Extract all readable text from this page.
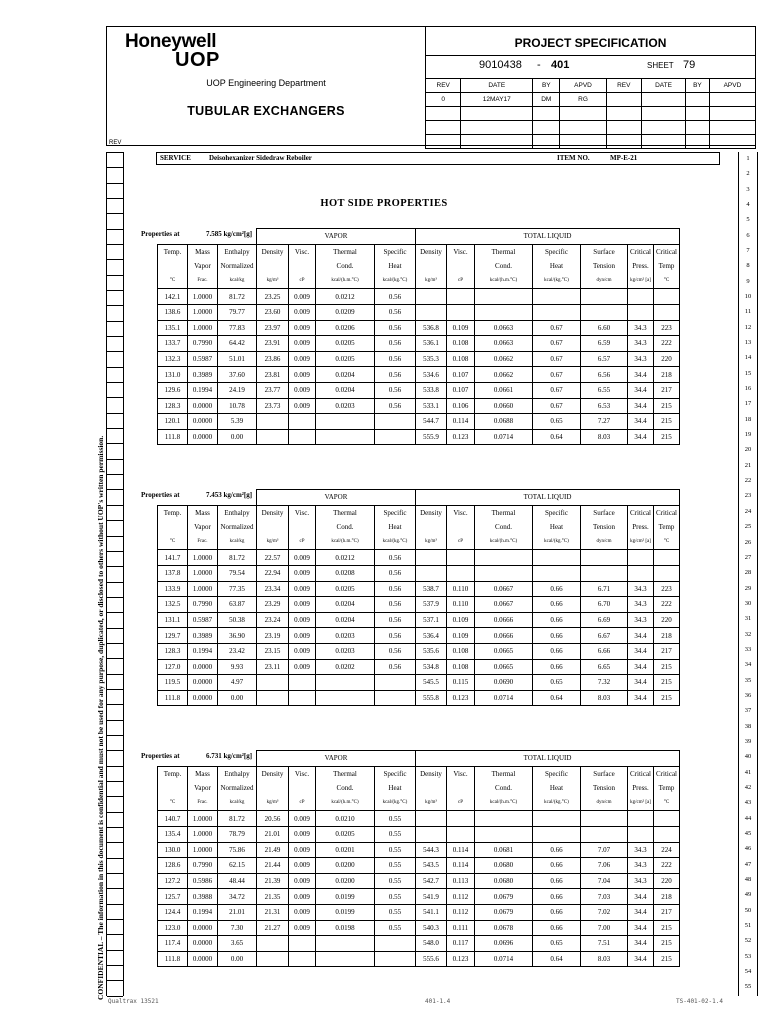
Honeywell
UOP
UOP Engineering Department
TUBULAR EXCHANGERS
PROJECT SPECIFICATION
9010438 - 401	SHEET 79
REV	DATE	BY	APVD	REV	DATE	BY	APVD
0	12MAY17	DM	RG				

REV
1
2
3
4
5
6
7
8
9
10
11
12
13
14
15
16
17
18
19
20
21
22
23
24
25
26
27
28
29
30
31
32
33
34
35
36
37
38
39
40
41
42
43
44
45
46
47
48
49
50
51
52
53
54
55
SERVICE	Deisohexanizer Sidedraw Reboiler	ITEM NO.	MP-E-21
HOT SIDE PROPERTIES
			VAPOR				TOTAL LIQUID						
Temp.	Mass	Enthalpy	Density	Visc.	Thermal	Specific	Density	Visc.	Thermal	Specific	Surface	Critical	Critical
	Vapor	Normalized			Cond.	Heat			Cond.	Heat	Tension	Press.	Temp
°C	Frac.	kcal/kg	kg/m³	cP	kcal/(h.m.°C)	kcal/(kg.°C)	kg/m³	cP	kcal/(h.m.°C)	kcal/(kg.°C)	dyn/cm	kg/cm² [a]	°C
142.1	1.0000	81.72	23.25	0.009	0.0212	0.56							
138.6	1.0000	79.77	23.60	0.009	0.0209	0.56							
135.1	1.0000	77.83	23.97	0.009	0.0206	0.56	536.8	0.109	0.0663	0.67	6.60	34.3	223
133.7	0.7990	64.42	23.91	0.009	0.0205	0.56	536.1	0.108	0.0663	0.67	6.59	34.3	222
132.3	0.5987	51.01	23.86	0.009	0.0205	0.56	535.3	0.108	0.0662	0.67	6.57	34.3	220
131.0	0.3989	37.60	23.81	0.009	0.0204	0.56	534.6	0.107	0.0662	0.67	6.56	34.4	218
129.6	0.1994	24.19	23.77	0.009	0.0204	0.56	533.8	0.107	0.0661	0.67	6.55	34.4	217
128.3	0.0000	10.78	23.73	0.009	0.0203	0.56	533.1	0.106	0.0660	0.67	6.53	34.4	215
120.1	0.0000	5.39					544.7	0.114	0.0688	0.65	7.27	34.4	215
111.8	0.0000	0.00					555.9	0.123	0.0714	0.64	8.03	34.4	215
Properties at	7.585 kg/cm²[g]
			VAPOR				TOTAL LIQUID						
Temp.	Mass	Enthalpy	Density	Visc.	Thermal	Specific	Density	Visc.	Thermal	Specific	Surface	Critical	Critical
	Vapor	Normalized			Cond.	Heat			Cond.	Heat	Tension	Press.	Temp
°C	Frac.	kcal/kg	kg/m³	cP	kcal/(h.m.°C)	kcal/(kg.°C)	kg/m³	cP	kcal/(h.m.°C)	kcal/(kg.°C)	dyn/cm	kg/cm² [a]	°C
141.7	1.0000	81.72	22.57	0.009	0.0212	0.56							
137.8	1.0000	79.54	22.94	0.009	0.0208	0.56							
133.9	1.0000	77.35	23.34	0.009	0.0205	0.56	538.7	0.110	0.0667	0.66	6.71	34.3	223
132.5	0.7990	63.87	23.29	0.009	0.0204	0.56	537.9	0.110	0.0667	0.66	6.70	34.3	222
131.1	0.5987	50.38	23.24	0.009	0.0204	0.56	537.1	0.109	0.0666	0.66	6.69	34.3	220
129.7	0.3989	36.90	23.19	0.009	0.0203	0.56	536.4	0.109	0.0666	0.66	6.67	34.4	218
128.3	0.1994	23.42	23.15	0.009	0.0203	0.56	535.6	0.108	0.0665	0.66	6.66	34.4	217
127.0	0.0000	9.93	23.11	0.009	0.0202	0.56	534.8	0.108	0.0665	0.66	6.65	34.4	215
119.5	0.0000	4.97					545.5	0.115	0.0690	0.65	7.32	34.4	215
111.8	0.0000	0.00					555.8	0.123	0.0714	0.64	8.03	34.4	215
Properties at	7.453 kg/cm²[g]
			VAPOR				TOTAL LIQUID						
Temp.	Mass	Enthalpy	Density	Visc.	Thermal	Specific	Density	Visc.	Thermal	Specific	Surface	Critical	Critical
	Vapor	Normalized			Cond.	Heat			Cond.	Heat	Tension	Press.	Temp
°C	Frac.	kcal/kg	kg/m³	cP	kcal/(h.m.°C)	kcal/(kg.°C)	kg/m³	cP	kcal/(h.m.°C)	kcal/(kg.°C)	dyn/cm	kg/cm² [a]	°C
140.7	1.0000	81.72	20.56	0.009	0.0210	0.55							
135.4	1.0000	78.79	21.01	0.009	0.0205	0.55							
130.0	1.0000	75.86	21.49	0.009	0.0201	0.55	544.3	0.114	0.0681	0.66	7.07	34.3	224
128.6	0.7990	62.15	21.44	0.009	0.0200	0.55	543.5	0.114	0.0680	0.66	7.06	34.3	222
127.2	0.5986	48.44	21.39	0.009	0.0200	0.55	542.7	0.113	0.0680	0.66	7.04	34.3	220
125.7	0.3988	34.72	21.35	0.009	0.0199	0.55	541.9	0.112	0.0679	0.66	7.03	34.4	218
124.4	0.1994	21.01	21.31	0.009	0.0199	0.55	541.1	0.112	0.0679	0.66	7.02	34.4	217
123.0	0.0000	7.30	21.27	0.009	0.0198	0.55	540.3	0.111	0.0678	0.66	7.00	34.4	215
117.4	0.0000	3.65					548.0	0.117	0.0696	0.65	7.51	34.4	215
111.8	0.0000	0.00					555.6	0.123	0.0714	0.64	8.03	34.4	215
Properties at	6.731 kg/cm²[g]
CONFIDENTIAL – The information in this document is confidential and must not be used for any purpose, duplicated, or disclosed to others without UOP's written permission.
Qualtrax 13521	401-1.4	TS-401-02-1.4
